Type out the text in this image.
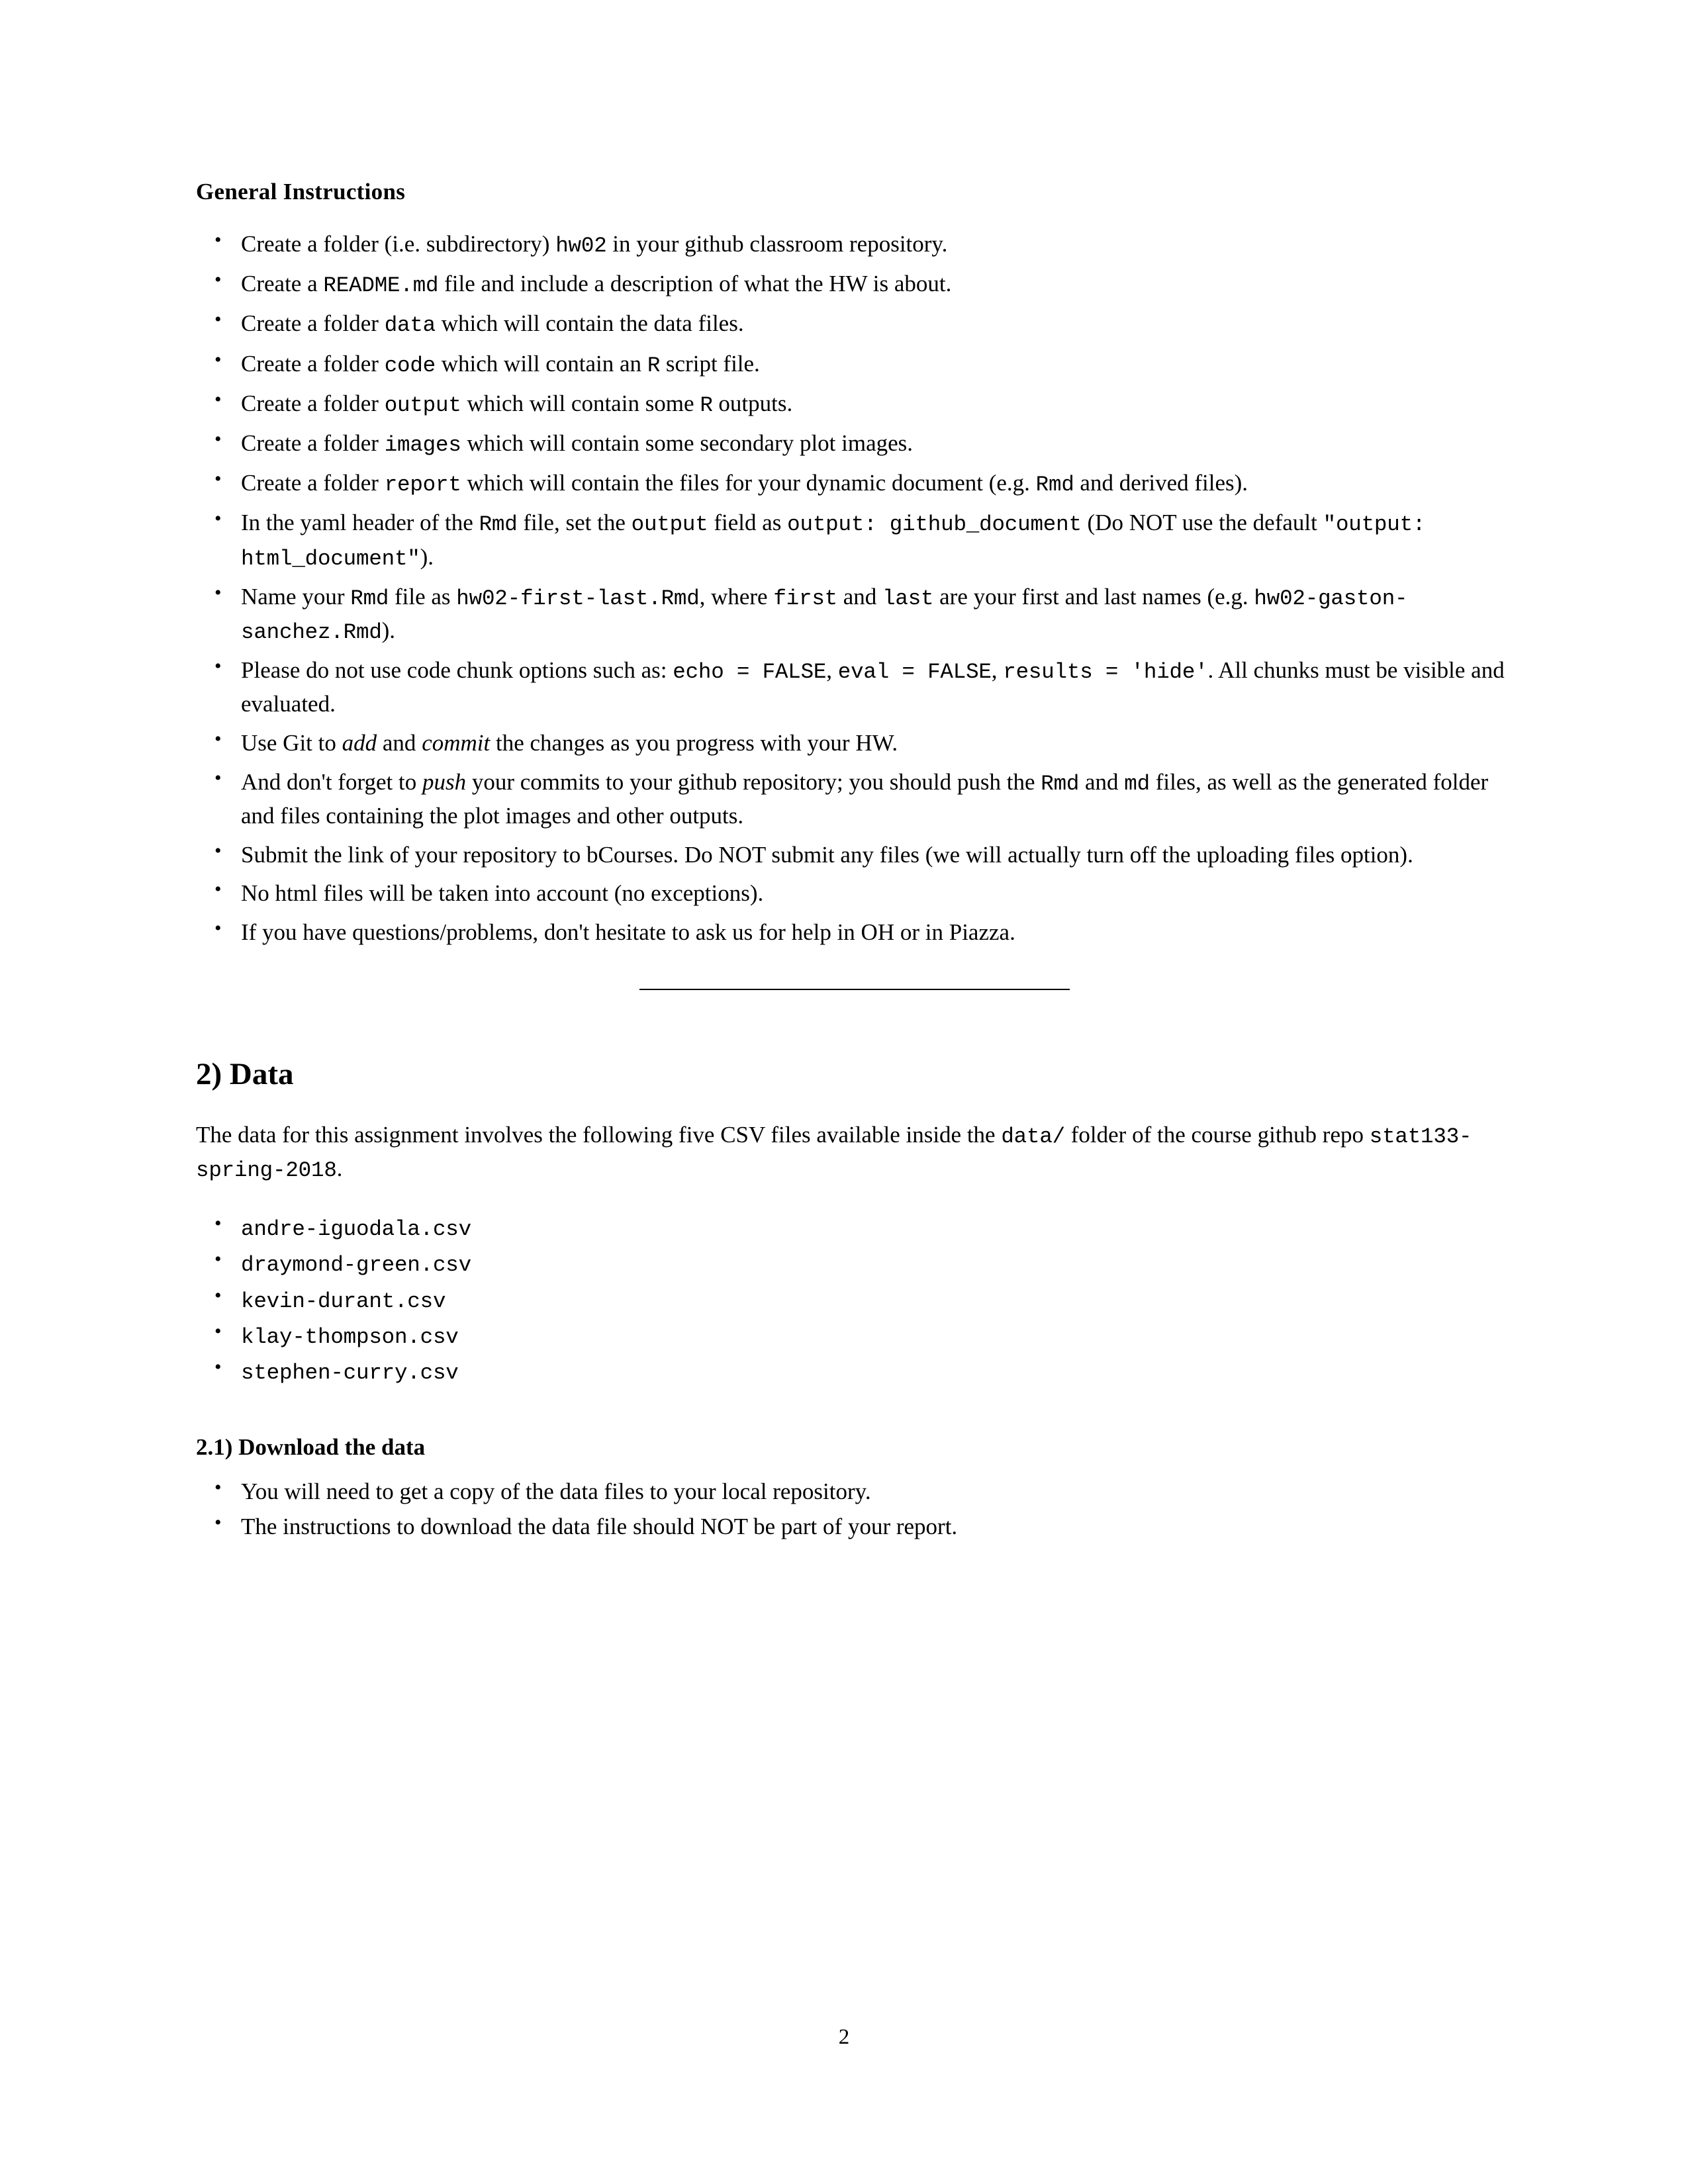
General Instructions
• Create a folder (i.e. subdirectory) hw02 in your github classroom repository.
• Create a README.md file and include a description of what the HW is about.
• Create a folder data which will contain the data files.
• Create a folder code which will contain an R script file.
• Create a folder output which will contain some R outputs.
• Create a folder images which will contain some secondary plot images.
• Create a folder report which will contain the files for your dynamic document (e.g. Rmd and derived files).
• In the yaml header of the Rmd file, set the output field as output: github_document (Do NOT use the default "output: html_document").
• Name your Rmd file as hw02-first-last.Rmd, where first and last are your first and last names (e.g. hw02-gaston-sanchez.Rmd).
• Please do not use code chunk options such as: echo = FALSE, eval = FALSE, results = 'hide'. All chunks must be visible and evaluated.
• Use Git to add and commit the changes as you progress with your HW.
• And don't forget to push your commits to your github repository; you should push the Rmd and md files, as well as the generated folder and files containing the plot images and other outputs.
• Submit the link of your repository to bCourses. Do NOT submit any files (we will actually turn off the uploading files option).
• No html files will be taken into account (no exceptions).
• If you have questions/problems, don't hesitate to ask us for help in OH or in Piazza.
2) Data

The data for this assignment involves the following five CSV files available inside the data/ folder of the course github repo stat133-spring-2018.

• andre-iguodala.csv
• draymond-green.csv
• kevin-durant.csv
• klay-thompson.csv
• stephen-curry.csv
2.1) Download the data
• You will need to get a copy of the data files to your local repository.
• The instructions to download the data file should NOT be part of your report.
2
